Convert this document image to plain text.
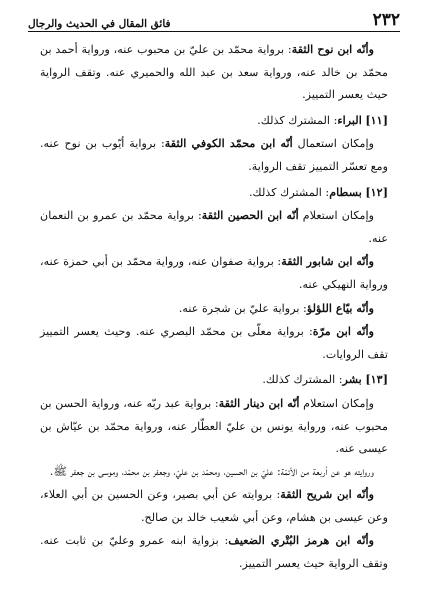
فائق المقال في الحديث والرجال	٢٣٢

وأنّه ابن نوح الثقة: برواية محمّد بن عليّ بن محبوب عنه، ورواية أحمد بن محمّد بن خالد عنه، ورواية سعد بن عبد الله والحميري عنه. وتقف الرواية حيث يعسر التمييز.

[١١] البراء: المشترك كذلك.

وإمكان استعمال أنّه ابن محمّد الكوفي الثقة: برواية أيّوب بن نوح عنه. ومع تعسّر التمييز تقف الرواية.

[١٢] بسطام: المشترك كذلك.

وإمكان استعلام أنّه ابن الحصين الثقة: برواية محمّد بن عمرو بن النعمان عنه.

وأنّه ابن شابور الثقة: برواية صفوان عنه، ورواية محمّد بن أبي حمزة عنه، ورواية النهيكي عنه.

وأنّه بيّاع اللؤلؤ: برواية عليّ بن شجرة عنه.

وأنّه ابن مرّة: برواية معلّى بن محمّد البصري عنه. وحيث يعسر التمييز تقف الروايات.

[١٣] بشر: المشترك كذلك.

وإمكان استعلام أنّه ابن دينار الثقة: برواية عبد ربّه عنه، ورواية الحسن بن محبوب عنه، ورواية يونس بن عليّ العطّار عنه، ورواية محمّد بن عيّاش بن عيسى عنه.

وروايته هو عن أربعة من الأئمّة: عليّ بن الحسين، ومحمّد بن عليّ، وجعفر بن محمّد، وموسى بن جعفر ﷺ.

وأنّه ابن شريح الثقة: بروايته عن أبي بصير، وعن الحسين بن أبي العلاء، وعن عيسى بن هشام، وعن أبي شعيب خالد بن صالح.

وأنّه ابن هرمز البُتْري الضعيف: بزواية ابنه عمرو وعليّ بن ثابت عنه. وتقف الرواية حيث يعسر التمييز.
